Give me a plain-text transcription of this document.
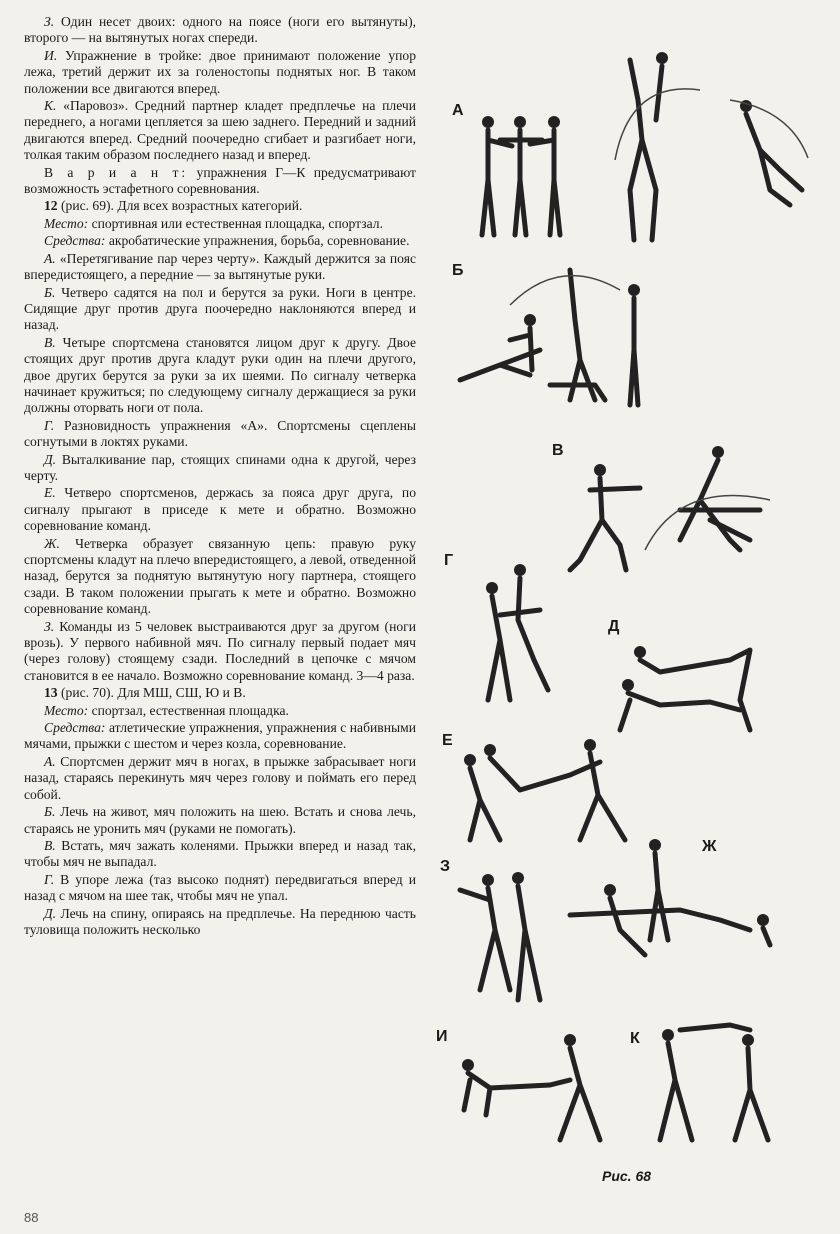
З. Один несет двоих: одного на поясе (ноги его вытянуты), второго — на вытянутых ногах спереди.

И. Упражнение в тройке: двое принимают положение упор лежа, третий держит их за голеностопы поднятых ног. В таком положении все двигаются вперед.

К. «Паровоз». Средний партнер кладет предплечье на плечи переднего, а ногами цепляется за шею заднего. Передний и задний двигаются вперед. Средний поочередно сгибает и разгибает ноги, толкая таким образом последнего назад и вперед.

В а р и а н т: упражнения Г—К предусматривают возможность эстафетного соревнования.

12 (рис. 69). Для всех возрастных категорий.

Место: спортивная или естественная площадка, спортзал.

Средства: акробатические упражнения, борьба, соревнование.

А. «Перетягивание пар через черту». Каждый держится за пояс впередистоящего, а передние — за вытянутые руки.

Б. Четверо садятся на пол и берутся за руки. Ноги в центре. Сидящие друг против друга поочередно наклоняются вперед и назад.

В. Четыре спортсмена становятся лицом друг к другу. Двое стоящих друг против друга кладут руки один на плечи другого, двое других берутся за руки за их шеями. По сигналу четверка начинает кружиться; по следующему сигналу держащиеся за руки должны оторвать ноги от пола.

Г. Разновидность упражнения «А». Спортсмены сцеплены согнутыми в локтях руками.

Д. Выталкивание пар, стоящих спинами одна к другой, через черту.

Е. Четверо спортсменов, держась за пояса друг друга, по сигналу прыгают в приседе к мете и обратно. Возможно соревнование команд.

Ж. Четверка образует связанную цепь: правую руку спортсмены кладут на плечо впередистоящего, а левой, отведенной назад, берутся за поднятую вытянутую ногу партнера, стоящего сзади. В таком положении прыгать к мете и обратно. Возможно соревнование команд.

З. Команды из 5 человек выстраиваются друг за другом (ноги врозь). У первого набивной мяч. По сигналу первый подает мяч (через голову) стоящему сзади. Последний в цепочке с мячом становится в ее начало. Возможно соревнование команд. 3—4 раза.

13 (рис. 70). Для МШ, СШ, Ю и В.

Место: спортзал, естественная площадка.

Средства: атлетические упражнения, упражнения с набивными мячами, прыжки с шестом и через козла, соревнование.

А. Спортсмен держит мяч в ногах, в прыжке забрасывает ноги назад, стараясь перекинуть мяч через голову и поймать его перед собой.

Б. Лечь на живот, мяч положить на шею. Встать и снова лечь, стараясь не уронить мяч (руками не помогать).

В. Встать, мяч зажать коленями. Прыжки вперед и назад так, чтобы мяч не выпадал.

Г. В упоре лежа (таз высоко поднят) передвигаться вперед и назад с мячом на шее так, чтобы мяч не упал.

Д. Лечь на спину, опираясь на предплечье. На переднюю часть туловища положить несколько

А
Б
В
Г
Д
Е
Ж
З
И	К
Рис. 68
88
